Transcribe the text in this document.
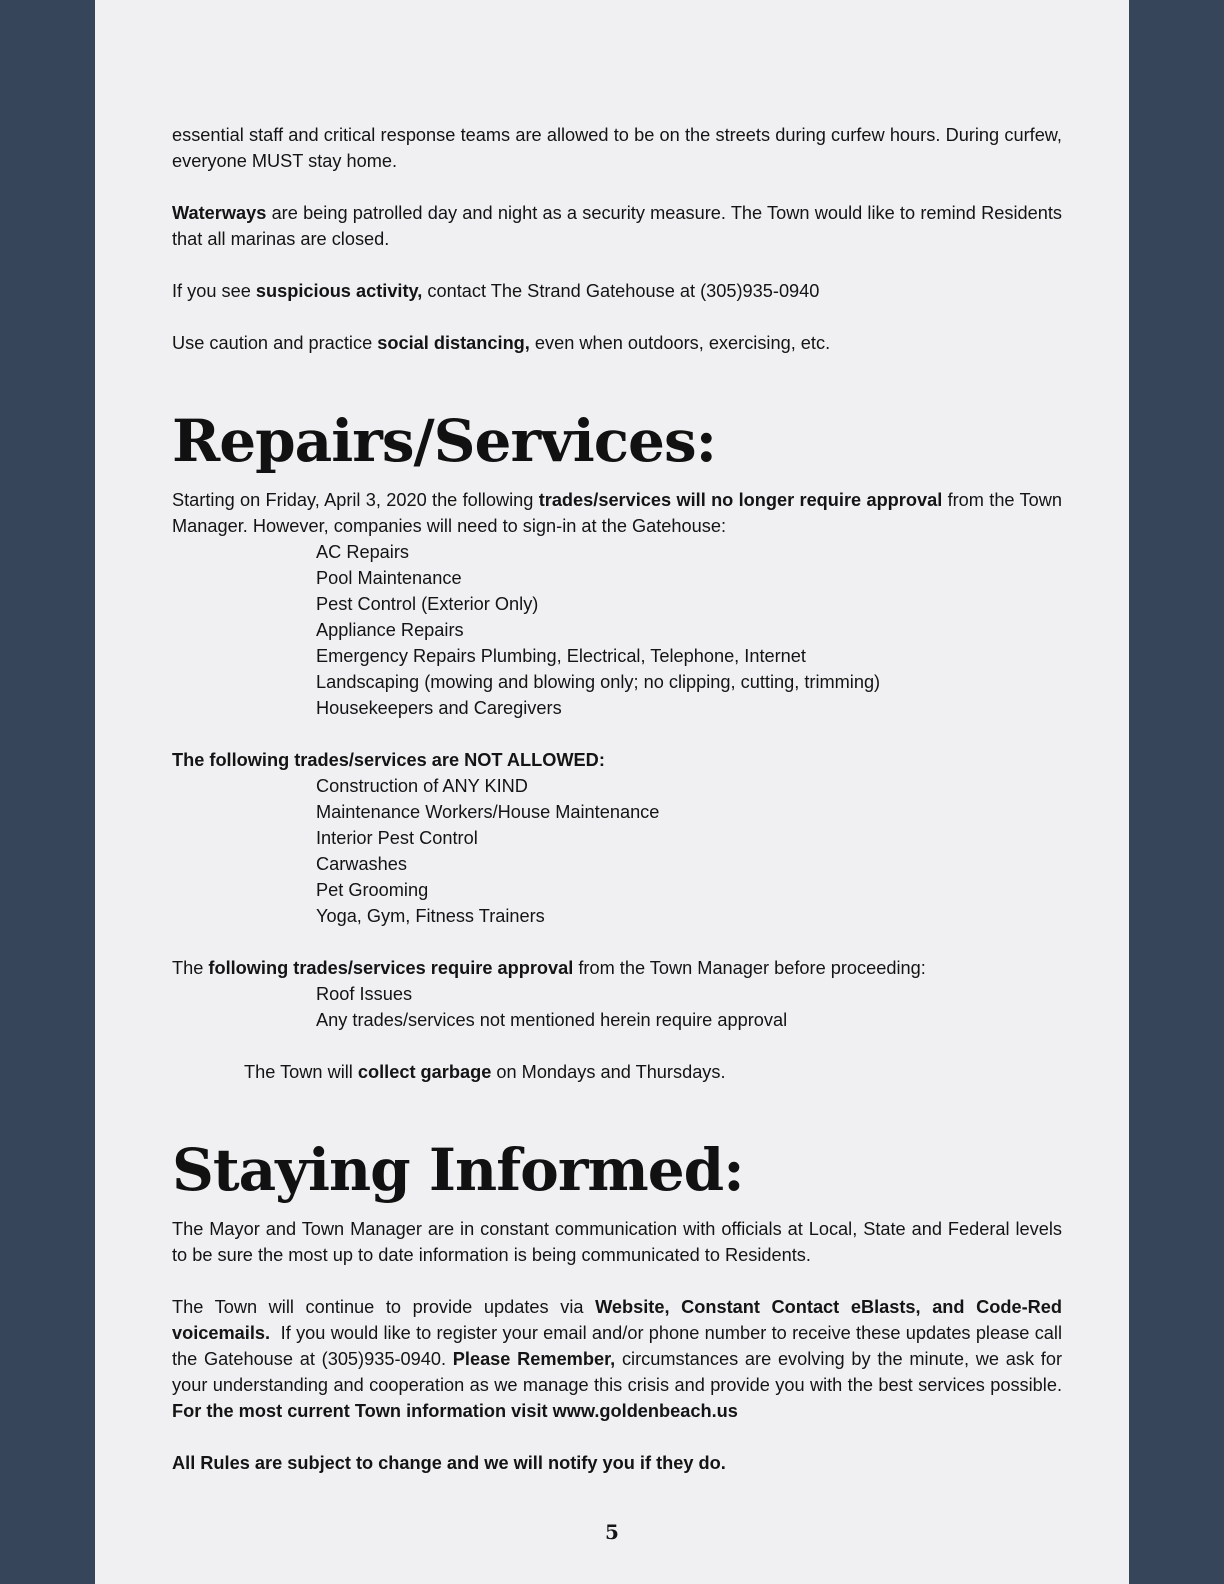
essential staff and critical response teams are allowed to be on the streets during curfew hours. During curfew, everyone MUST stay home.

Waterways are being patrolled day and night as a security measure. The Town would like to remind Residents that all marinas are closed.

If you see suspicious activity, contact The Strand Gatehouse at (305)935-0940

Use caution and practice social distancing, even when outdoors, exercising, etc.

Repairs/Services:

Starting on Friday, April 3, 2020 the following trades/services will no longer require approval from the Town Manager. However, companies will need to sign-in at the Gatehouse:

AC Repairs
Pool Maintenance
Pest Control (Exterior Only)
Appliance Repairs
Emergency Repairs Plumbing, Electrical, Telephone, Internet
Landscaping (mowing and blowing only; no clipping, cutting, trimming)
Housekeepers and Caregivers

The following trades/services are NOT ALLOWED:

Construction of ANY KIND
Maintenance Workers/House Maintenance
Interior Pest Control
Carwashes
Pet Grooming
Yoga, Gym, Fitness Trainers

The following trades/services require approval from the Town Manager before proceeding:

Roof Issues
Any trades/services not mentioned herein require approval

The Town will collect garbage on Mondays and Thursdays.

Staying Informed:

The Mayor and Town Manager are in constant communication with officials at Local, State and Federal levels to be sure the most up to date information is being communicated to Residents.

The Town will continue to provide updates via Website, Constant Contact eBlasts, and Code-Red voicemails.  If you would like to register your email and/or phone number to receive these updates please call the Gatehouse at (305)935-0940. Please Remember, circumstances are evolving by the minute, we ask for your understanding and cooperation as we manage this crisis and provide you with the best services possible.  For the most current Town information visit www.goldenbeach.us

All Rules are subject to change and we will notify you if they do.

5
